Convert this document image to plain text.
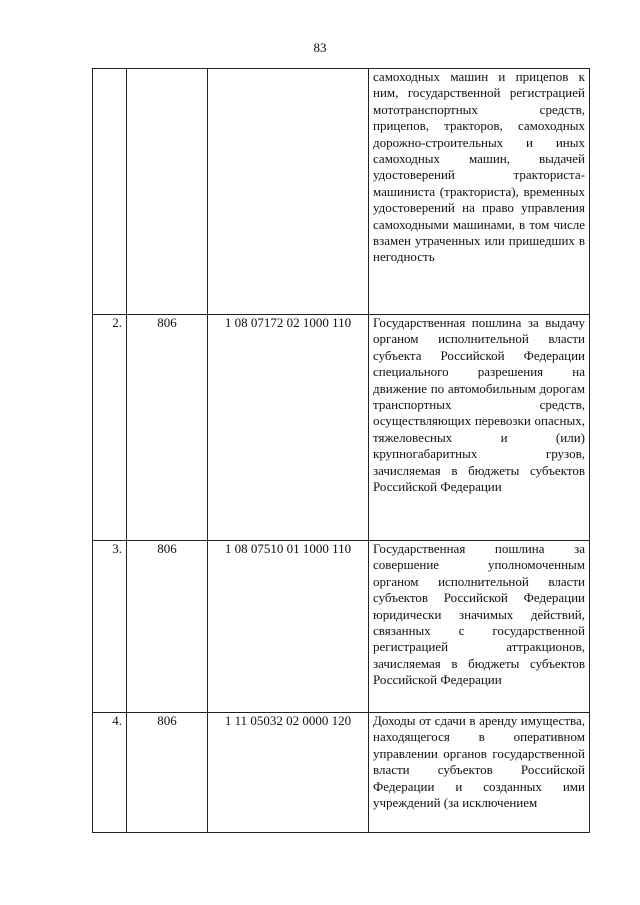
83

			самоходных машин и прицепов к ним, государственной регистрацией мототранспортных средств, прицепов, тракторов, самоходных дорожно-строительных и иных самоходных машин, выдачей удостоверений тракториста-машиниста (тракториста), временных удостоверений на право управления самоходными машинами, в том числе взамен утраченных или пришедших в негодность

2.	806	1 08 07172 02 1000 110	Государственная пошлина за выдачу органом исполнительной власти субъекта Российской Федерации специального разрешения на движение по автомобильным дорогам транспортных средств, осуществляющих перевозки опасных, тяжеловесных и (или) крупногабаритных грузов, зачисляемая в бюджеты субъектов Российской Федерации

3.	806	1 08 07510 01 1000 110	Государственная пошлина за совершение уполномоченным органом исполнительной власти субъектов Российской Федерации юридически значимых действий, связанных с государственной регистрацией аттракционов, зачисляемая в бюджеты субъектов Российской Федерации

4.	806	1 11 05032 02 0000 120	Доходы от сдачи в аренду имущества, находящегося в оперативном управлении органов государственной власти субъектов Российской Федерации и созданных ими учреждений (за исключением
